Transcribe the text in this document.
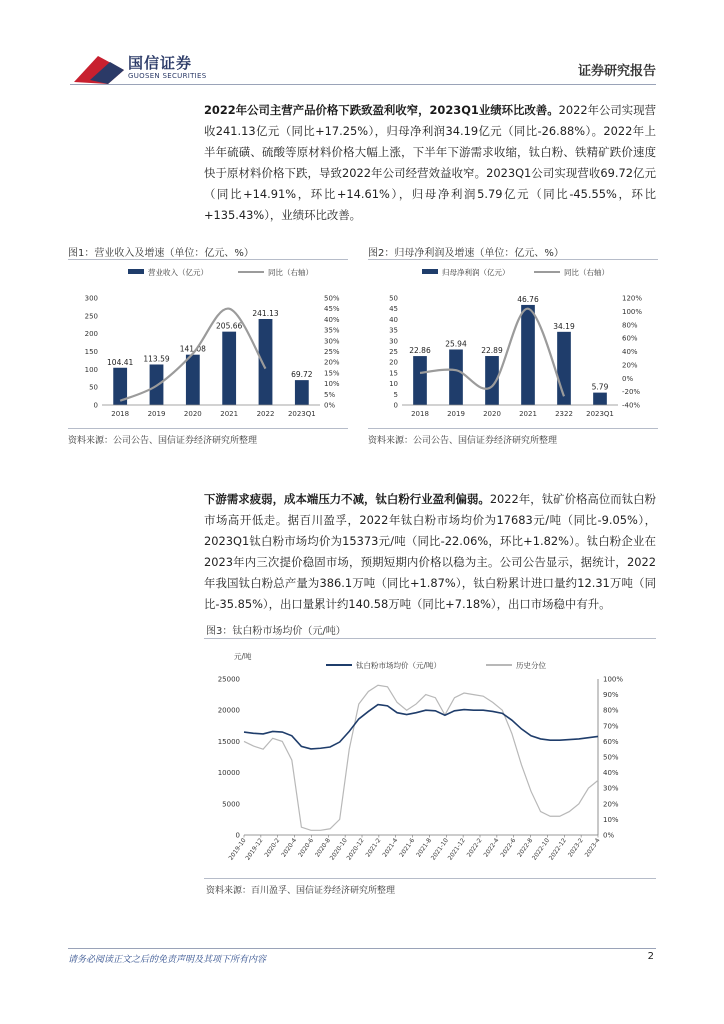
国信证券
GUOSEN SECURITIES	证券研究报告
2022年公司主营产品价格下跌致盈利收窄，2023Q1业绩环比改善。2022年公司实现营收241.13亿元（同比+17.25%），归母净利润34.19亿元（同比-26.88%）。2022年上半年硫磺、硫酸等原材料价格大幅上涨，下半年下游需求收缩，钛白粉、铁精矿跌价速度快于原材料价格下跌，导致2022年公司经营效益收窄。2023Q1公司实现营收69.72亿元（同比+14.91%，环比+14.61%），归母净利润5.79亿元（同比-45.55%，环比+135.43%），业绩环比改善。
图1：营业收入及增速（单位：亿元、%）
营业收入（亿元）	同比（右轴）
0
50
100
150
200
250
300
0%
5%
10%
15%
20%
25%
30%
35%
40%
45%
50%
104.41 113.59
141.08
205.66
241.13
69.72
2018	2019	2020	2021	2022 2023Q1
资料来源：公司公告、国信证券经济研究所整理
图2：归母净利润及增速（单位：亿元、%）
归母净利润（亿元）	同比（右轴）
0
5
10
15
20
25
30
35
40
45
50
-40%
-20%
0%
20%
40%
60%
80%
100%
120%
22.86
25.94
22.89
46.76
34.19
5.79
2018	2019	2020	2021	2322 2023Q1
资料来源：公司公告、国信证券经济研究所整理
下游需求疲弱，成本端压力不减，钛白粉行业盈利偏弱。2022年，钛矿价格高位而钛白粉市场高开低走。据百川盈孚，2022年钛白粉市场均价为17683元/吨（同比-9.05%），2023Q1钛白粉市场均价为15373元/吨（同比-22.06%，环比+1.82%）。钛白粉企业在2023年内三次提价稳固市场，预期短期内价格以稳为主。公司公告显示，据统计，2022年我国钛白粉总产量为386.1万吨（同比+1.87%），钛白粉累计进口量约12.31万吨（同比-35.85%），出口量累计约140.58万吨（同比+7.18%），出口市场稳中有升。
图3：钛白粉市场均价（元/吨）
元/吨
钛白粉市场均价（元/吨）	历史分位
0
5000
10000
15000
20000
25000
0%
10%
20%
30%
40%
50%
60%
70%
80%
90%
100%
2019-10
2019-12
2020-2
2020-4
2020-6
2020-8
2020-10
2020-12
2021-2
2021-4
2021-6
2021-8
2021-10
2021-12
2022-2
2022-4
2022-6
2022-8
2022-10
2022-12
2023-2
2023-4
资料来源：百川盈孚、国信证券经济研究所整理
请务必阅读正文之后的免责声明及其项下所有内容	2
